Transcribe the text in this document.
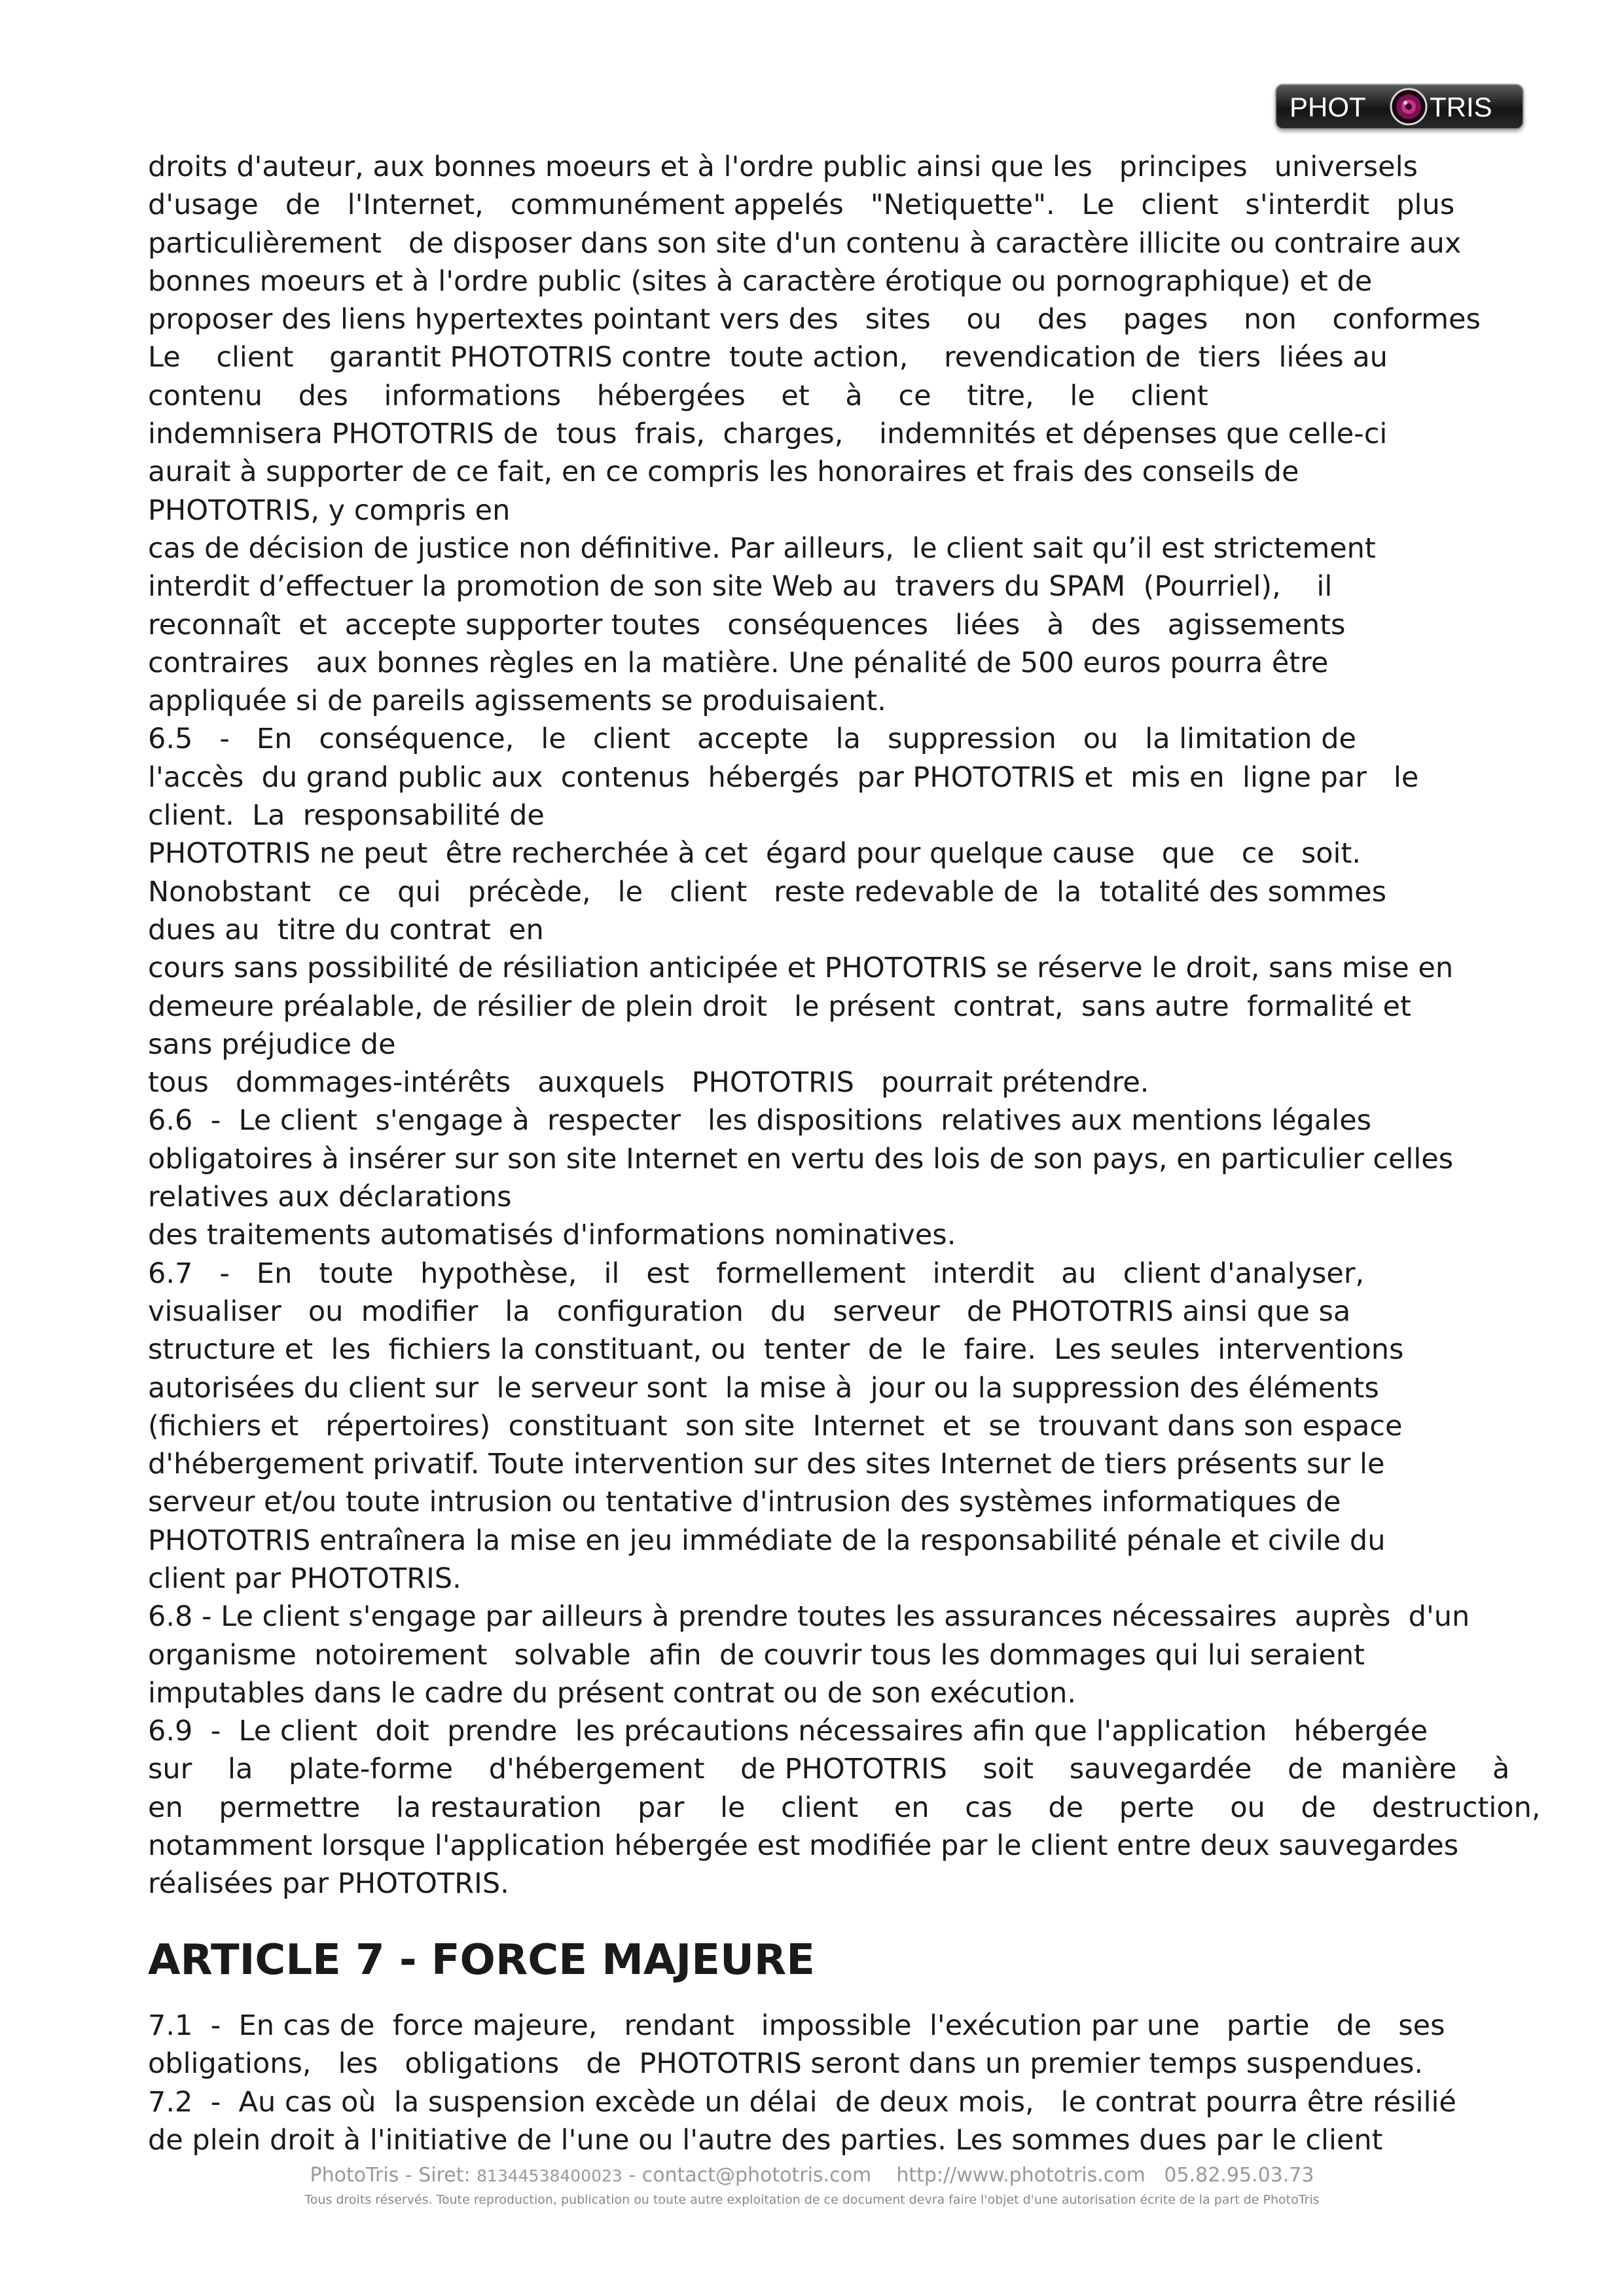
PHOT TRIS
droits d'auteur, aux bonnes moeurs et à l'ordre public ainsi que les   principes   universels
d'usage   de   l'Internet,   communément appelés   "Netiquette".   Le   client   s'interdit   plus
particulièrement   de disposer dans son site d'un contenu à caractère illicite ou contraire aux
bonnes moeurs et à l'ordre public (sites à caractère érotique ou pornographique) et de
proposer des liens hypertextes pointant vers des   sites    ou    des    pages    non    conformes
Le    client    garantit PHOTOTRIS contre  toute action,    revendication de  tiers  liées au
contenu    des    informations    hébergées    et    à    ce    titre,    le    client
indemnisera PHOTOTRIS de  tous  frais,  charges,    indemnités et dépenses que celle-ci
aurait à supporter de ce fait, en ce compris les honoraires et frais des conseils de
PHOTOTRIS, y compris en
cas de décision de justice non définitive. Par ailleurs,  le client sait qu’il est strictement
interdit d’effectuer la promotion de son site Web au  travers du SPAM  (Pourriel),    il
reconnaît  et  accepte supporter toutes   conséquences   liées   à   des   agissements
contraires   aux bonnes règles en la matière. Une pénalité de 500 euros pourra être
appliquée si de pareils agissements se produisaient.
6.5   -   En   conséquence,   le   client   accepte   la   suppression   ou   la limitation de
l'accès  du grand public aux  contenus  hébergés  par PHOTOTRIS et  mis en  ligne par   le
client.  La  responsabilité de
PHOTOTRIS ne peut  être recherchée à cet  égard pour quelque cause   que   ce   soit.
Nonobstant   ce   qui   précède,   le   client   reste redevable de  la  totalité des sommes
dues au  titre du contrat  en
cours sans possibilité de résiliation anticipée et PHOTOTRIS se réserve le droit, sans mise en
demeure préalable, de résilier de plein droit   le présent  contrat,  sans autre  formalité et
sans préjudice de
tous   dommages-intérêts   auxquels   PHOTOTRIS   pourrait prétendre.
6.6  -  Le client  s'engage à  respecter   les dispositions  relatives aux mentions légales
obligatoires à insérer sur son site Internet en vertu des lois de son pays, en particulier celles
relatives aux déclarations
des traitements automatisés d'informations nominatives.
6.7   -   En   toute   hypothèse,   il   est   formellement   interdit   au   client d'analyser,
visualiser   ou  modifier   la   configuration   du   serveur   de PHOTOTRIS ainsi que sa
structure et  les  fichiers la constituant, ou  tenter  de  le  faire.  Les seules  interventions
autorisées du client sur  le serveur sont  la mise à  jour ou la suppression des éléments
(fichiers et   répertoires)  constituant  son site  Internet  et  se  trouvant dans son espace
d'hébergement privatif. Toute intervention sur des sites Internet de tiers présents sur le
serveur et/ou toute intrusion ou tentative d'intrusion des systèmes informatiques de
PHOTOTRIS entraînera la mise en jeu immédiate de la responsabilité pénale et civile du
client par PHOTOTRIS.
6.8 - Le client s'engage par ailleurs à prendre toutes les assurances nécessaires  auprès  d'un
organisme  notoirement   solvable  afin  de couvrir tous les dommages qui lui seraient
imputables dans le cadre du présent contrat ou de son exécution.
6.9  -  Le client  doit  prendre  les précautions nécessaires afin que l'application   hébergée
sur    la    plate-forme    d'hébergement    de PHOTOTRIS    soit    sauvegardée    de  manière    à
en    permettre    la restauration    par    le    client    en    cas    de    perte    ou    de    destruction,
notamment lorsque l'application hébergée est modifiée par le client entre deux sauvegardes
réalisées par PHOTOTRIS.
ARTICLE 7 - FORCE MAJEURE
7.1  -  En cas de  force majeure,   rendant   impossible  l'exécution par une   partie   de   ses
obligations,   les   obligations   de  PHOTOTRIS seront dans un premier temps suspendues.
7.2  -  Au cas où  la suspension excède un délai  de deux mois,   le contrat pourra être résilié
de plein droit à l'initiative de l'une ou l'autre des parties. Les sommes dues par le client
PhotoTris - Siret: 81344538400023 - contact@phototris.com    http://www.phototris.com   05.82.95.03.73
Tous droits réservés. Toute reproduction, publication ou toute autre exploitation de ce document devra faire l'objet d'une autorisation écrite de la part de PhotoTris
